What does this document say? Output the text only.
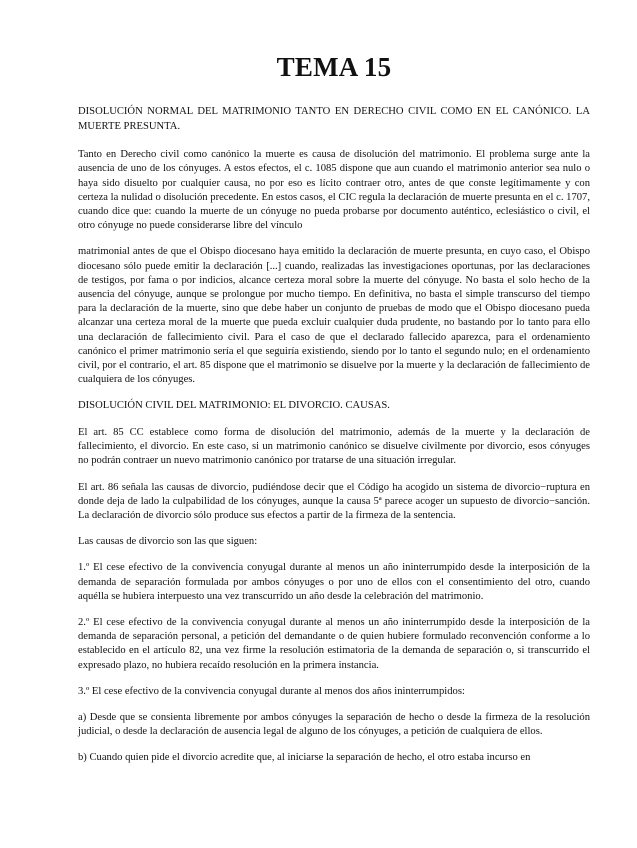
TEMA 15

DISOLUCIÓN NORMAL DEL MATRIMONIO TANTO EN DERECHO CIVIL COMO EN EL CANÓNICO. LA MUERTE PRESUNTA.

Tanto en Derecho civil como canónico la muerte es causa de disolución del matrimonio. El problema surge ante la ausencia de uno de los cónyuges. A estos efectos, el c. 1085 dispone que aun cuando el matrimonio anterior sea nulo o haya sido disuelto por cualquier causa, no por eso es lícito contraer otro, antes de que conste legítimamente y con certeza la nulidad o disolución precedente. En estos casos, el CIC regula la declaración de muerte presunta en el c. 1707, cuando dice que: cuando la muerte de un cónyuge no pueda probarse por documento auténtico, eclesiástico o civil, el otro cónyuge no puede considerarse libre del vínculo

matrimonial antes de que el Obispo diocesano haya emitido la declaración de muerte presunta, en cuyo caso, el Obispo diocesano sólo puede emitir la declaración [...] cuando, realizadas las investigaciones oportunas, por las declaraciones de testigos, por fama o por indicios, alcance certeza moral sobre la muerte del cónyuge. No basta el solo hecho de la ausencia del cónyuge, aunque se prolongue por mucho tiempo. En definitiva, no basta el simple transcurso del tiempo para la declaración de la muerte, sino que debe haber un conjunto de pruebas de modo que el Obispo diocesano pueda alcanzar una certeza moral de la muerte que pueda excluir cualquier duda prudente, no bastando por lo tanto para ello una declaración de fallecimiento civil. Para el caso de que el declarado fallecido aparezca, para el ordenamiento canónico el primer matrimonio sería el que seguiría existiendo, siendo por lo tanto el segundo nulo; en el ordenamiento civil, por el contrario, el art. 85 dispone que el matrimonio se disuelve por la muerte y la declaración de fallecimiento de cualquiera de los cónyuges.

DISOLUCIÓN CIVIL DEL MATRIMONIO: EL DIVORCIO. CAUSAS.

El art. 85 CC establece como forma de disolución del matrimonio, además de la muerte y la declaración de fallecimiento, el divorcio. En este caso, si un matrimonio canónico se disuelve civilmente por divorcio, esos cónyuges no podrán contraer un nuevo matrimonio canónico por tratarse de una situación irregular.

El art. 86 señala las causas de divorcio, pudiéndose decir que el Código ha acogido un sistema de divorcio−ruptura en donde deja de lado la culpabilidad de los cónyuges, aunque la causa 5ª parece acoger un supuesto de divorcio−sanción. La declaración de divorcio sólo produce sus efectos a partir de la firmeza de la sentencia.

Las causas de divorcio son las que siguen:

1.º El cese efectivo de la convivencia conyugal durante al menos un año ininterrumpido desde la interposición de la demanda de separación formulada por ambos cónyuges o por uno de ellos con el consentimiento del otro, cuando aquélla se hubiera interpuesto una vez transcurrido un año desde la celebración del matrimonio.

2.º El cese efectivo de la convivencia conyugal durante al menos un año ininterrumpido desde la interposición de la demanda de separación personal, a petición del demandante o de quien hubiere formulado reconvención conforme a lo establecido en el artículo 82, una vez firme la resolución estimatoria de la demanda de separación o, si transcurrido el expresado plazo, no hubiera recaído resolución en la primera instancia.

3.º El cese efectivo de la convivencia conyugal durante al menos dos años ininterrumpidos:

a) Desde que se consienta libremente por ambos cónyuges la separación de hecho o desde la firmeza de la resolución judicial, o desde la declaración de ausencia legal de alguno de los cónyuges, a petición de cualquiera de ellos.

b) Cuando quien pide el divorcio acredite que, al iniciarse la separación de hecho, el otro estaba incurso en
